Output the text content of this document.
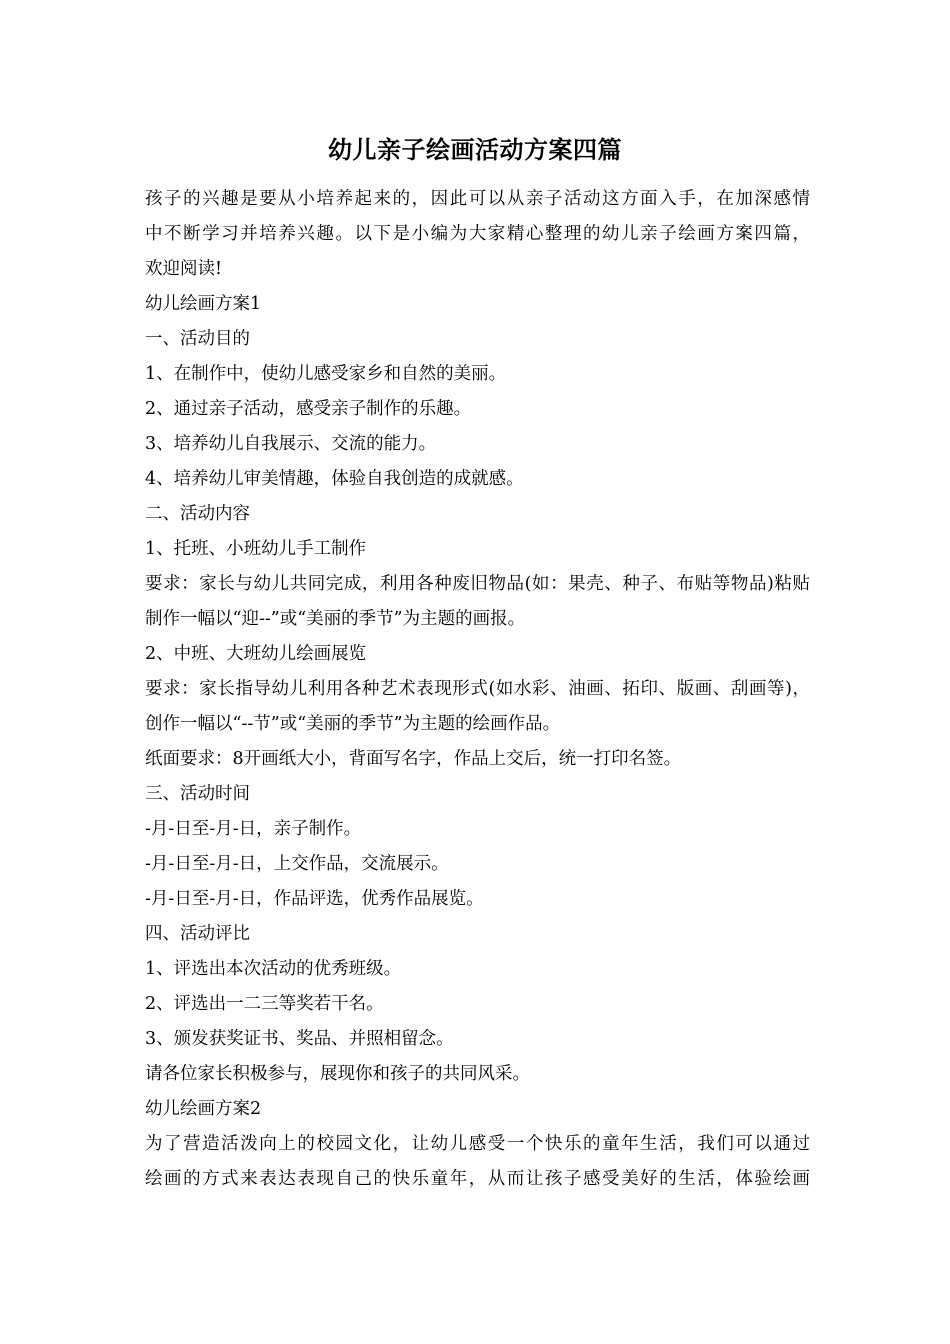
幼儿亲子绘画活动方案四篇
孩子的兴趣是要从小培养起来的，因此可以从亲子活动这方面入手，在加深感情
中不断学习并培养兴趣。以下是小编为大家精心整理的幼儿亲子绘画方案四篇，
欢迎阅读!
幼儿绘画方案1
一、活动目的
1、在制作中，使幼儿感受家乡和自然的美丽。
2、通过亲子活动，感受亲子制作的乐趣。
3、培养幼儿自我展示、交流的能力。
4、培养幼儿审美情趣，体验自我创造的成就感。
二、活动内容
1、托班、小班幼儿手工制作
要求：家长与幼儿共同完成，利用各种废旧物品(如：果壳、种子、布贴等物品)粘贴
制作一幅以“迎--”或“美丽的季节”为主题的画报。
2、中班、大班幼儿绘画展览
要求：家长指导幼儿利用各种艺术表现形式(如水彩、油画、拓印、版画、刮画等)，
创作一幅以“--节”或“美丽的季节”为主题的绘画作品。
纸面要求：8开画纸大小，背面写名字，作品上交后，统一打印名签。
三、活动时间
-月-日至-月-日，亲子制作。
-月-日至-月-日，上交作品，交流展示。
-月-日至-月-日，作品评选，优秀作品展览。
四、活动评比
1、评选出本次活动的优秀班级。
2、评选出一二三等奖若干名。
3、颁发获奖证书、奖品、并照相留念。
请各位家长积极参与，展现你和孩子的共同风采。
幼儿绘画方案2
为了营造活泼向上的校园文化，让幼儿感受一个快乐的童年生活，我们可以通过
绘画的方式来表达表现自己的快乐童年，从而让孩子感受美好的生活，体验绘画
